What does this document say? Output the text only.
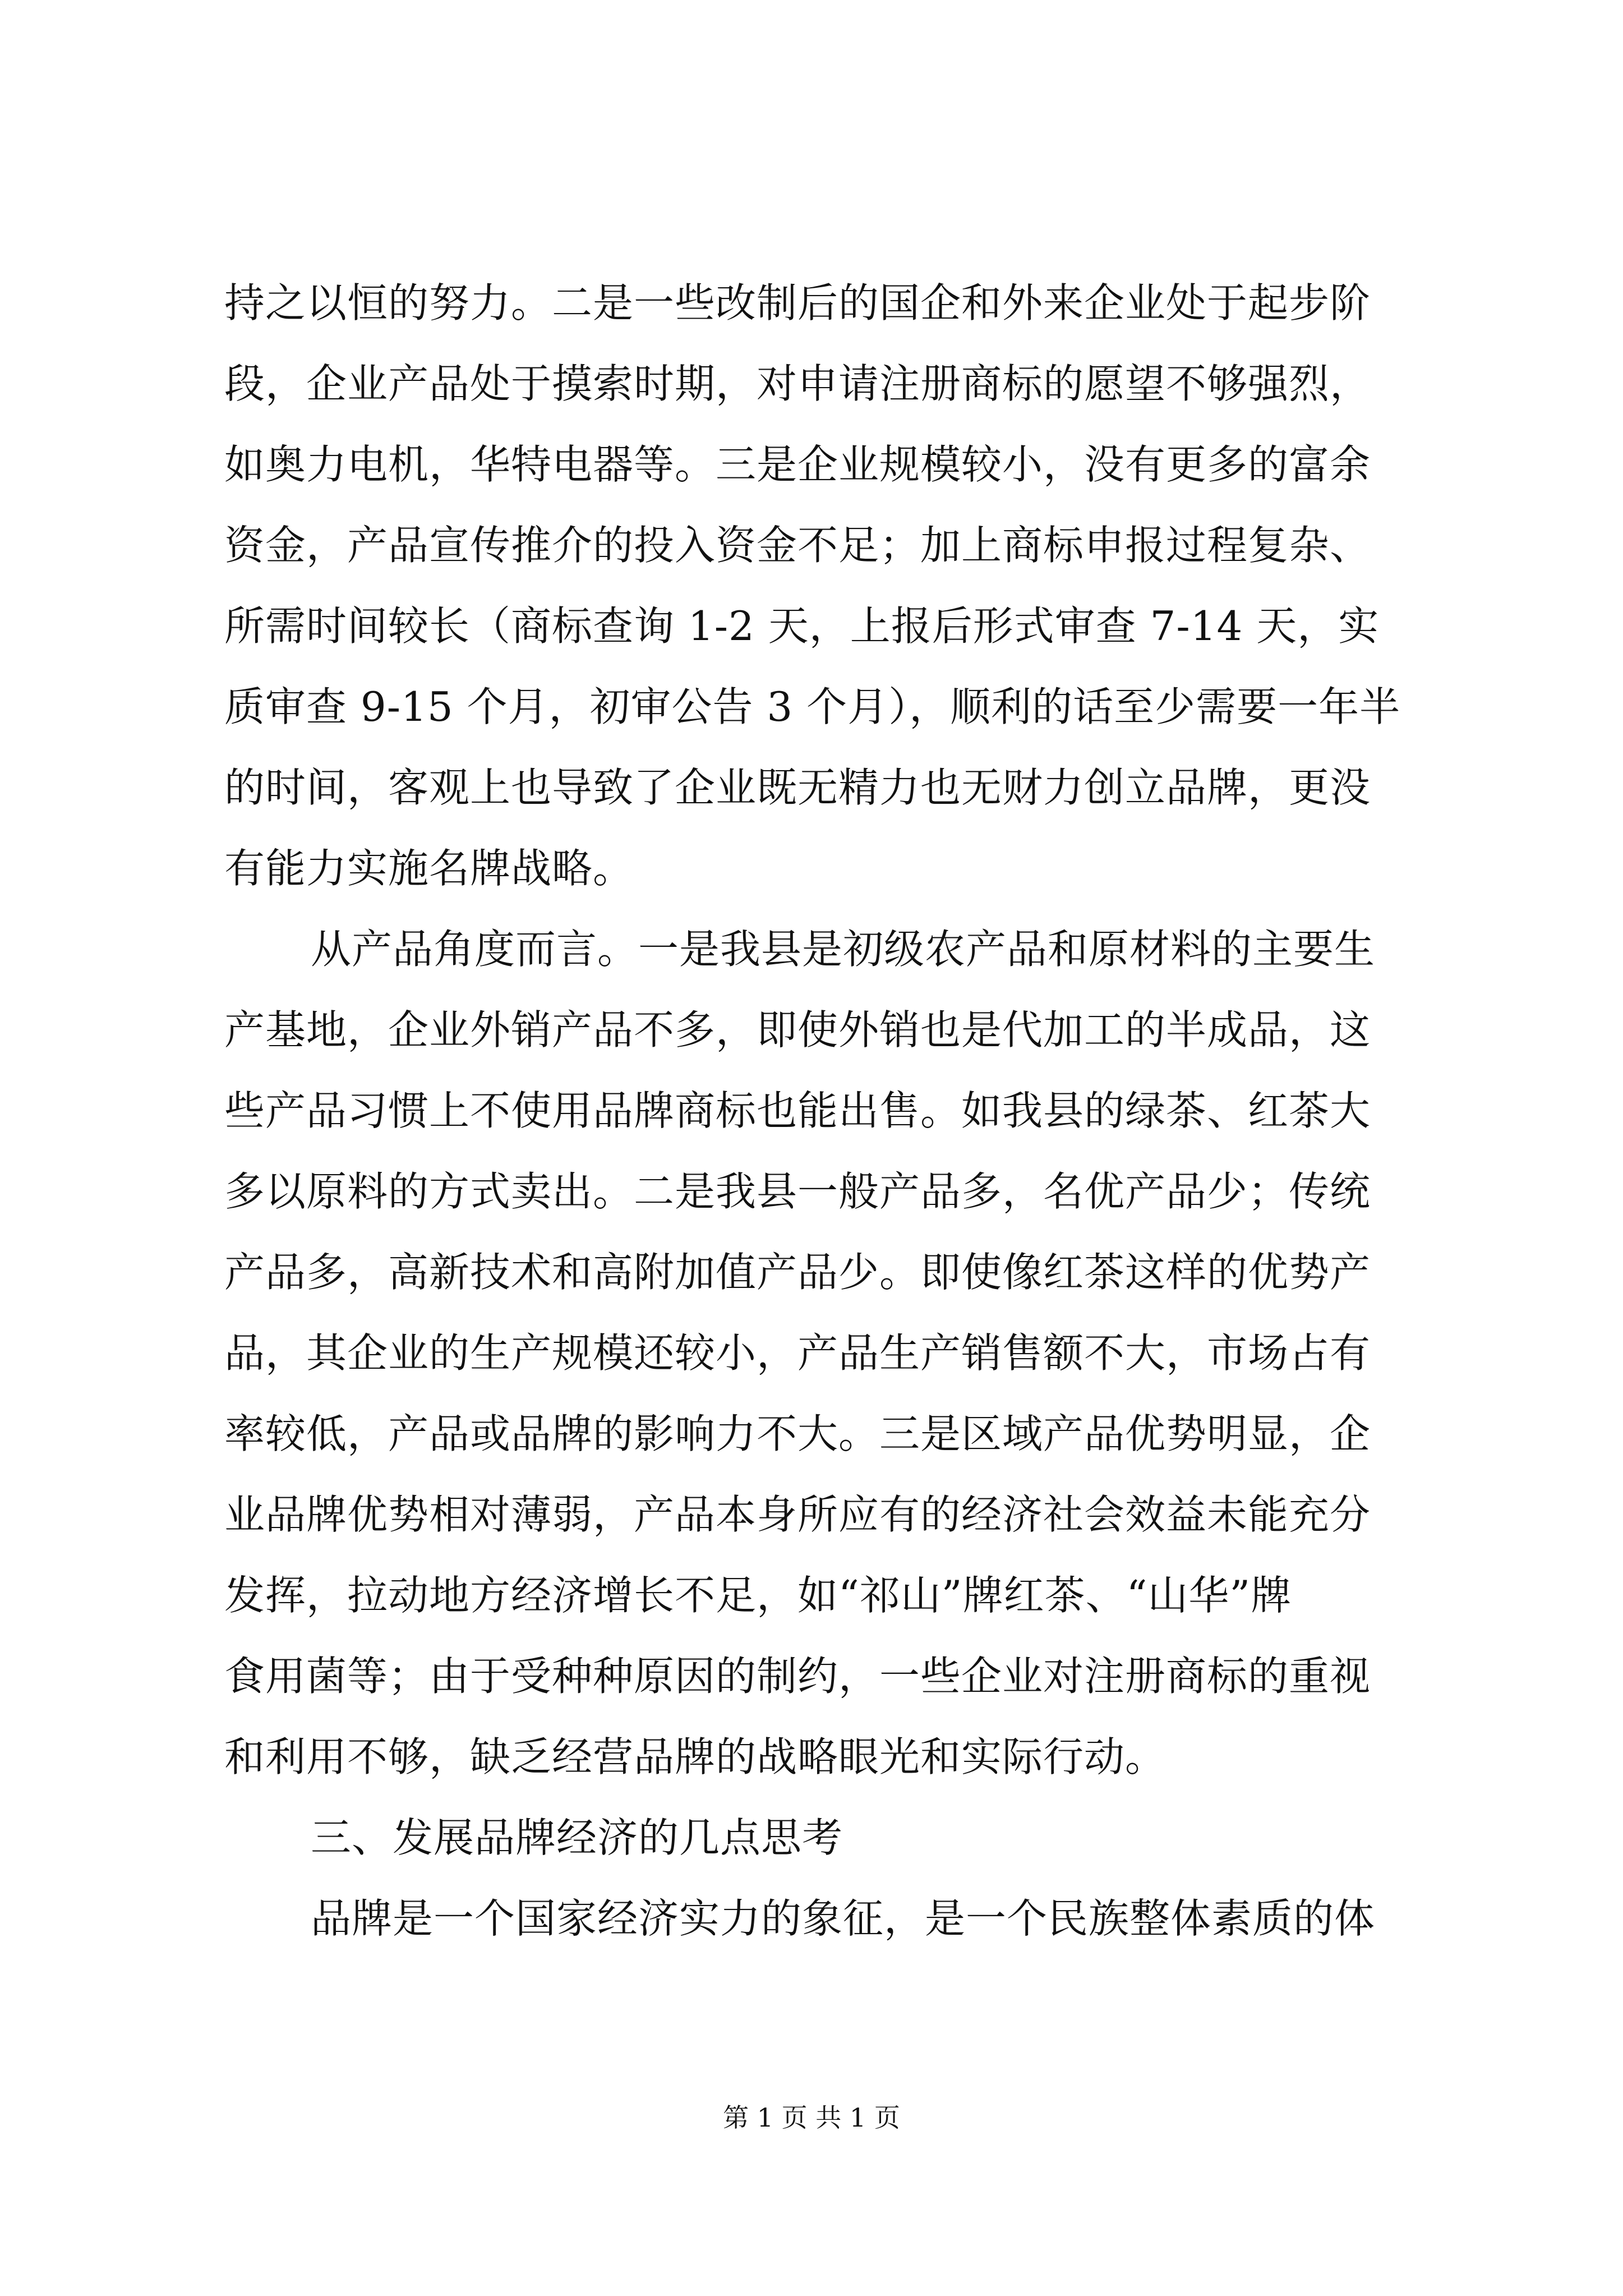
持之以恒的努力。二是一些改制后的国企和外来企业处于起步阶
段，企业产品处于摸索时期，对申请注册商标的愿望不够强烈，
如奥力电机，华特电器等。三是企业规模较小，没有更多的富余
资金，产品宣传推介的投入资金不足；加上商标申报过程复杂、
所需时间较长（商标查询 1-2 天，上报后形式审查 7-14 天，实
质审查 9-15 个月，初审公告 3 个月），顺利的话至少需要一年半
的时间，客观上也导致了企业既无精力也无财力创立品牌，更没
有能力实施名牌战略。
从产品角度而言。一是我县是初级农产品和原材料的主要生
产基地，企业外销产品不多，即使外销也是代加工的半成品，这
些产品习惯上不使用品牌商标也能出售。如我县的绿茶、红茶大
多以原料的方式卖出。二是我县一般产品多，名优产品少；传统
产品多，高新技术和高附加值产品少。即使像红茶这样的优势产
品，其企业的生产规模还较小，产品生产销售额不大，市场占有
率较低，产品或品牌的影响力不大。三是区域产品优势明显，企
业品牌优势相对薄弱，产品本身所应有的经济社会效益未能充分
发挥，拉动地方经济增长不足，如“祁山”牌红茶、“山华”牌
食用菌等；由于受种种原因的制约，一些企业对注册商标的重视
和利用不够，缺乏经营品牌的战略眼光和实际行动。
三、发展品牌经济的几点思考
品牌是一个国家经济实力的象征，是一个民族整体素质的体
第 1 页 共 1 页
